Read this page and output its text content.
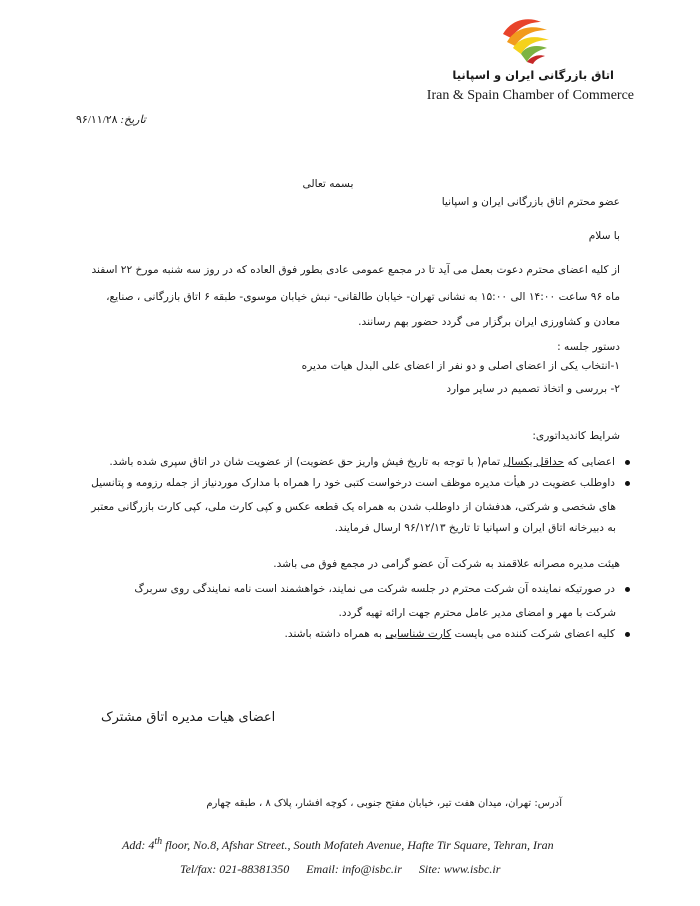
اتاق بازرگانی ایران و اسپانیا
Iran & Spain Chamber of Commerce
تاریخ: ۹۶/۱۱/۲۸
بسمه تعالی
عضو محترم اتاق بازرگانی ایران و اسپانیا
با سلام
از کلیه اعضای محترم دعوت بعمل می آید تا در مجمع عمومی عادی بطور فوق العاده که در روز سه شنبه مورخ ۲۲ اسفند
ماه ۹۶ ساعت ۱۴:۰۰ الی ۱۵:۰۰ به نشانی تهران- خیابان طالقانی- نبش خیابان موسوی- طبقه ۶ اتاق بازرگانی ، صنایع،
معادن و کشاورزی ایران برگزار می گردد حضور بهم رسانند.
دستور جلسه :
۱-انتخاب یکی از اعضای اصلی و دو نفر از اعضای علی البدل هیات مدیره
۲- بررسی و اتخاذ تصمیم در سایر موارد
شرایط کاندیداتوری:
اعضایی که حداقل یکسال تمام( با توجه به تاریخ فیش واریز حق عضویت) از عضویت شان در اتاق سپری شده باشد.
داوطلب عضویت در هیأت مدیره موظف است درخواست کتبی خود را همراه با مدارک موردنیاز از جمله رزومه و پتانسیل
های شخصی و شرکتی، هدفشان از داوطلب شدن به همراه یک قطعه عکس و کپی کارت ملی، کپی کارت بازرگانی معتبر
به دبیرخانه اتاق ایران و اسپانیا تا تاریخ ۹۶/۱۲/۱۳ ارسال فرمایند.
هیئت مدیره مصرانه علاقمند به شرکت آن عضو گرامی در مجمع فوق می باشد.
در صورتیکه نماینده آن شرکت محترم در جلسه شرکت می نمایند، خواهشمند است نامه نمایندگی روی سربرگ
شرکت با مهر و امضای مدیر عامل محترم جهت ارائه تهیه گردد.
کلیه اعضای شرکت کننده می بایست کارت شناسایی به همراه داشته باشند.
اعضای هیات مدیره اتاق مشترک
آدرس: تهران، میدان هفت تیر، خیابان مفتح جنوبی ، کوچه افشار، پلاک ۸ ، طبقه چهارم
Add: 4th floor, No.8, Afshar Street., South Mofateh Avenue, Hafte Tir Square, Tehran, Iran
Tel/fax: 021-88381350 Email: info@isbc.ir Site: www.isbc.ir
